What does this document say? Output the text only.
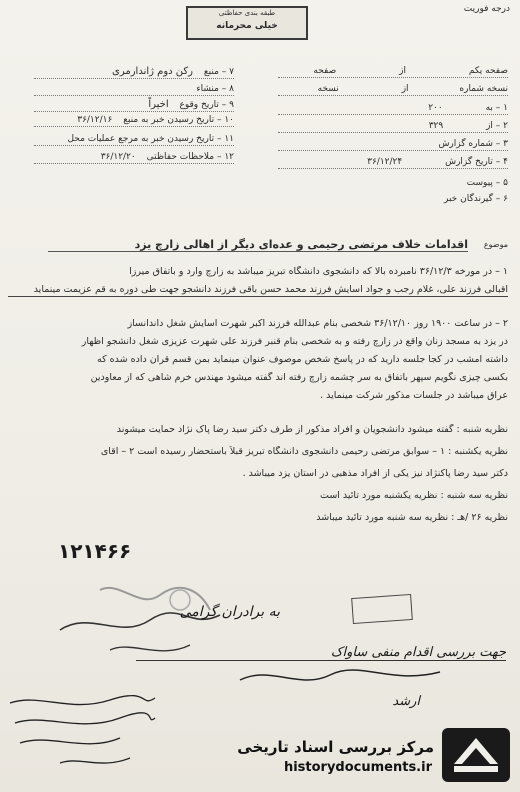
درجه فوریت
طبقه بندی حفاظتی
خیلی محرمانه
۷ – منبع رکن دوم ژاندارمری
۸ – منشاء
۹ – تاریخ وقوع اخیراً
۱۰ – تاریخ رسیدن خبر به منبع ۳۶/۱۲/۱۶
۱۱ – تاریخ رسیدن خبر به مرجع عملیات محل
۱۲ – ملاحظات حفاظتی ۳۶/۱۲/۲۰
صفحه یکم از صفحه
نسخه شماره از نسخه
۱ – به ۲۰۰
۲ – از ۳۲۹
۳ – شماره گزارش
۴ – تاریخ گزارش ۳۶/۱۲/۲۴
۵ – پیوست
۶ – گیرندگان خبر
موضوع
اقدامات خلاف مرتضی رحیمی و عده‌ای دیگر از اهالی زارچ یزد
۱ – در مورخه ۳۶/۱۲/۳ نامبرده بالا که دانشجوی دانشگاه تبریز میباشد به زارچ وارد و باتفاق میرزا
اقبالی فرزند علی، غلام رجب و جواد آسایش فرزند محمد حسن باقی فرزند دانشجو جهت طی دوره به قم عزیمت مینماید
۲ – در ساعت ۱۹۰۰ روز ۳۶/۱۲/۱۰ شخصی بنام عبدالله فرزند اکبر شهرت آسایش شغل داندانساز
در یزد به مسجد زنان واقع در زارچ رفته و به شخصی بنام قنبر فرزند علی شهرت عزیزی شغل دانشجو اظهار
داشته امشب در کجا جلسه دارید که در پاسخ شخص موصوف عنوان مینماید بمن قسم قرآن داده شده که
بکسی چیزی نگویم سپهر باتفاق به سر چشمه زارچ رفته اند گفته میشود مهندس خرم شاهی که از معاودین
عراق میباشد در جلسات مذکور شرکت مینماید .
نظریه شنبه : گفته میشود دانشجویان و افراد مذکور از طرف دکتر سید رضا پاک نژاد حمایت میشوند
نظریه یکشنبه : ۱ – سوابق مرتضی رحیمی دانشجوی دانشگاه تبریز قبلاً باستحضار رسیده است ۲ – آقای
دکتر سید رضا پاکنژاد نیز یکی از افراد مذهبی در استان یزد میباشد .
نظریه سه شنبه : نظریه یکشنبه مورد تائید است
نظریه ۲۶ /هـ : نظریه سه شنبه مورد تائید میباشد
۱۲۱۴۶۶
به برادران گرامی
جهت بررسی اقدام منفی ساواک
ارشد
مرکز بررسی اسناد تاریخی
historydocuments.ir
